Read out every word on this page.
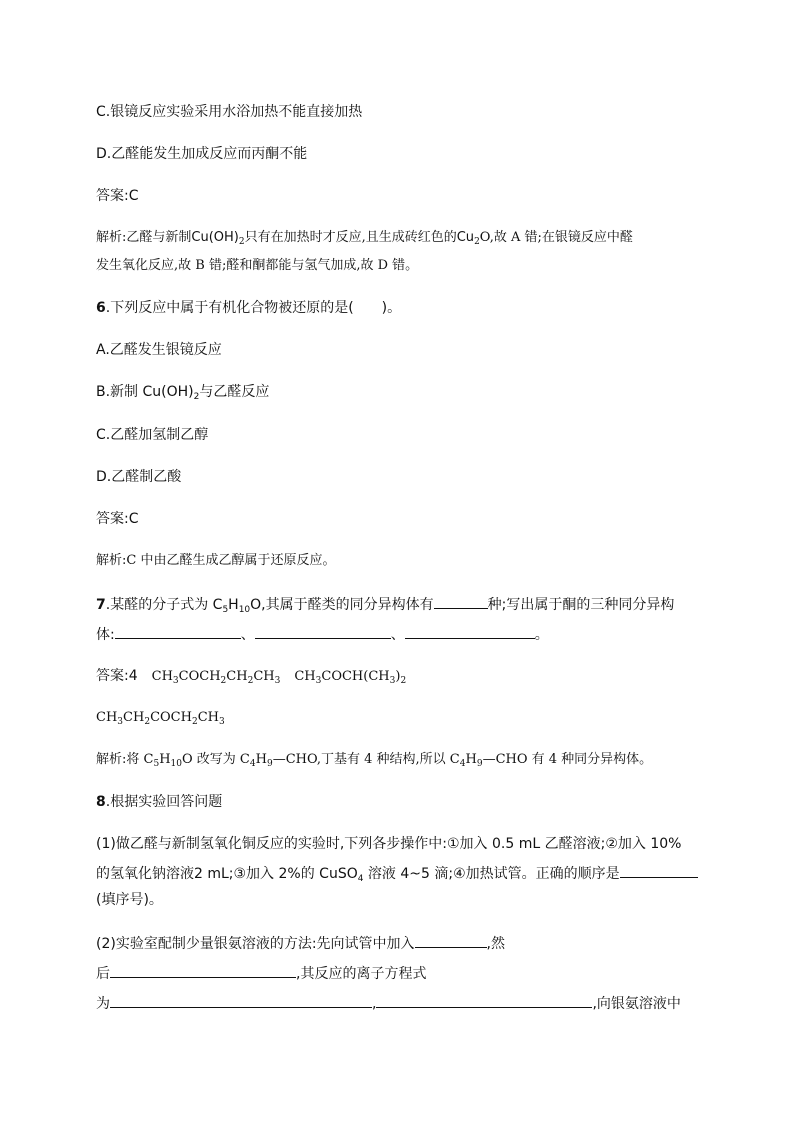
C.银镜反应实验采用水浴加热不能直接加热
D.乙醛能发生加成反应而丙酮不能
答案:C
解析:乙醛与新制$Cu(OH)_2$只有在加热时才反应,且生成砖红色的$Cu_2O$,故 A 错;在银镜反应中醛
发生氧化反应,故 B 错;醛和酮都能与氢气加成,故 D 错。
6.下列反应中属于有机化合物被还原的是(　　)。
A.乙醛发生银镜反应
B.新制 $Cu(OH)_2$与乙醛反应
C.乙醛加氢制乙醇
D.乙醛制乙酸
答案:C
解析:C 中由乙醛生成乙醇属于还原反应。
7.某醛的分子式为 $C_5H_{10}O$,其属于醛类的同分异构体有	种;写出属于酮的三种同分异构
体:	、	、	。
答案:4 $CH_3COCH_2CH_2CH_3$ $CH_3COCH(CH_3)_2$
$CH_3CH_2COCH_2CH_3$
解析:将 $C_5H_{10}O$ 改写为 $C_4H_9—CHO$,丁基有 4 种结构,所以 $C_4H_9—CHO$ 有 4 种同分异构体。
8.根据实验回答问题
(1)做乙醛与新制氢氧化铜反应的实验时,下列各步操作中:①加入 0.5 mL 乙醛溶液;②加入 10%
的氢氧化钠溶液2 mL;③加入 2%的 CuSO$_4$ 溶液 4~5 滴;④加热试管。正确的顺序是
(填序号)。
(2)实验室配制少量银氨溶液的方法:先向试管中加入	,然
后	,其反应的离子方程式
为	,	,向银氨溶液中
